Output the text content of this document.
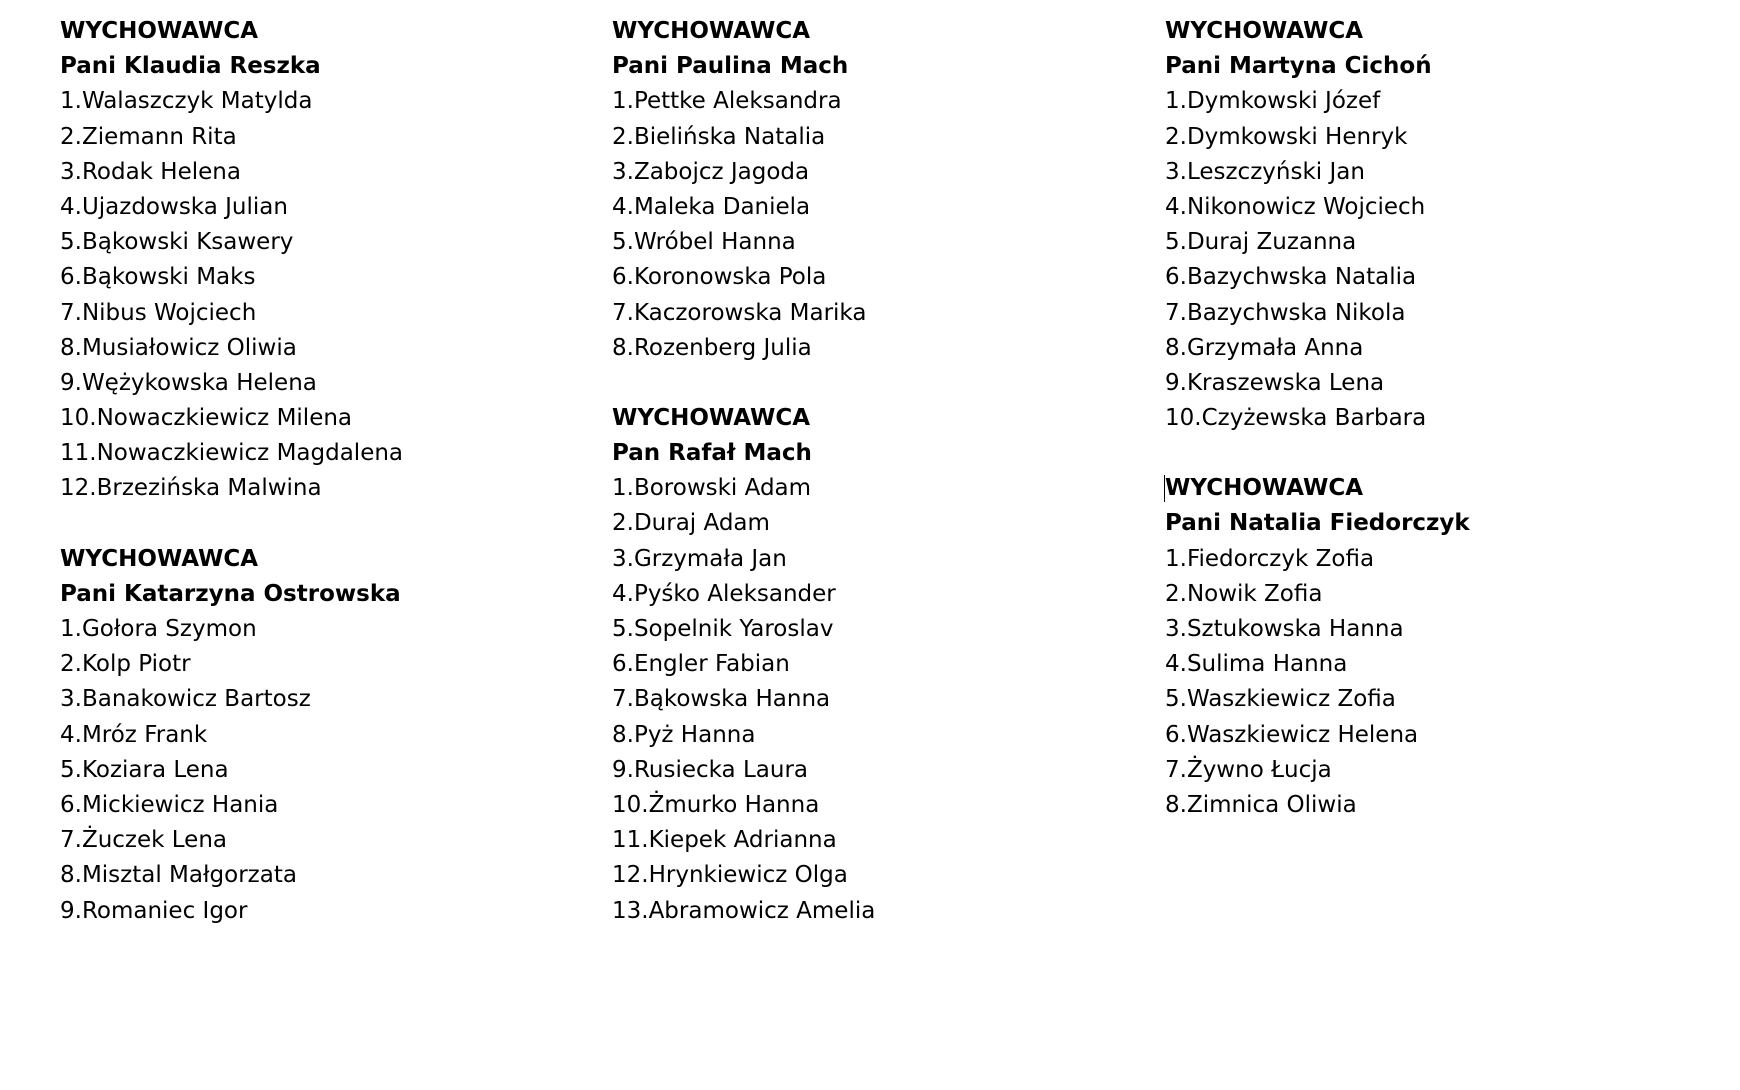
WYCHOWAWCA
Pani Klaudia Reszka
1.Walaszczyk Matylda
2.Ziemann Rita
3.Rodak Helena
4.Ujazdowska Julian
5.Bąkowski Ksawery
6.Bąkowski Maks
7.Nibus Wojciech
8.Musiałowicz Oliwia
9.Wężykowska Helena
10.Nowaczkiewicz Milena
11.Nowaczkiewicz Magdalena
12.Brzezińska Malwina
WYCHOWAWCA
Pani Katarzyna Ostrowska
1.Gołora Szymon
2.Kolp Piotr
3.Banakowicz Bartosz
4.Mróz Frank
5.Koziara Lena
6.Mickiewicz Hania
7.Żuczek Lena
8.Misztal Małgorzata
9.Romaniec Igor
WYCHOWAWCA
Pani Paulina Mach
1.Pettke Aleksandra
2.Bielińska Natalia
3.Zabojcz Jagoda
4.Maleka Daniela
5.Wróbel Hanna
6.Koronowska Pola
7.Kaczorowska Marika
8.Rozenberg Julia
WYCHOWAWCA
Pan Rafał Mach
1.Borowski Adam
2.Duraj Adam
3.Grzymała Jan
4.Pyśko Aleksander
5.Sopelnik Yaroslav
6.Engler Fabian
7.Bąkowska Hanna
8.Pyż Hanna
9.Rusiecka Laura
10.Żmurko Hanna
11.Kiepek Adrianna
12.Hrynkiewicz Olga
13.Abramowicz Amelia
WYCHOWAWCA
Pani Martyna Cichoń
1.Dymkowski Józef
2.Dymkowski Henryk
3.Leszczyński Jan
4.Nikonowicz Wojciech
5.Duraj Zuzanna
6.Bazychwska Natalia
7.Bazychwska Nikola
8.Grzymała Anna
9.Kraszewska Lena
10.Czyżewska Barbara
WYCHOWAWCA
Pani Natalia Fiedorczyk
1.Fiedorczyk Zofia
2.Nowik Zofia
3.Sztukowska Hanna
4.Sulima Hanna
5.Waszkiewicz Zofia
6.Waszkiewicz Helena
7.Żywno Łucja
8.Zimnica Oliwia
